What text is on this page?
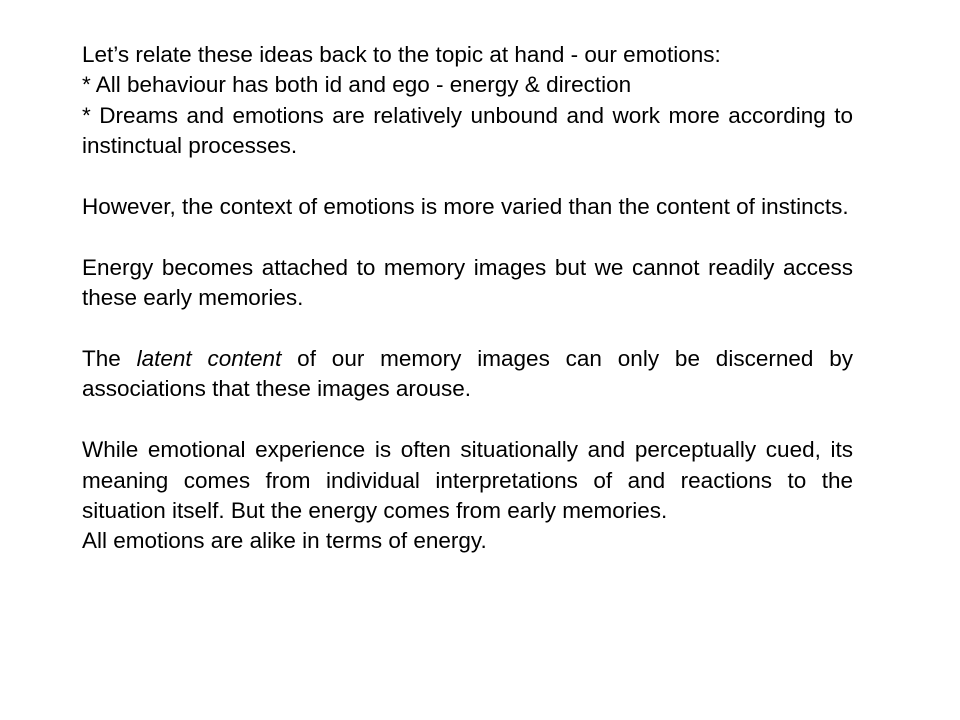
Let’s relate these ideas back to the topic at hand - our emotions:

* All behaviour has both id and ego - energy & direction

* Dreams and emotions are relatively unbound and work more according to instinctual processes.

However, the context of emotions is more varied than the content of instincts.

Energy becomes attached to memory images but we cannot readily access these early memories.

The latent content of our memory images can only be discerned by associations that these images arouse.

While emotional experience is often situationally and perceptually cued, its meaning comes from individual interpretations of and reactions to the situation itself. But the energy comes from early memories.

All emotions are alike in terms of energy.
